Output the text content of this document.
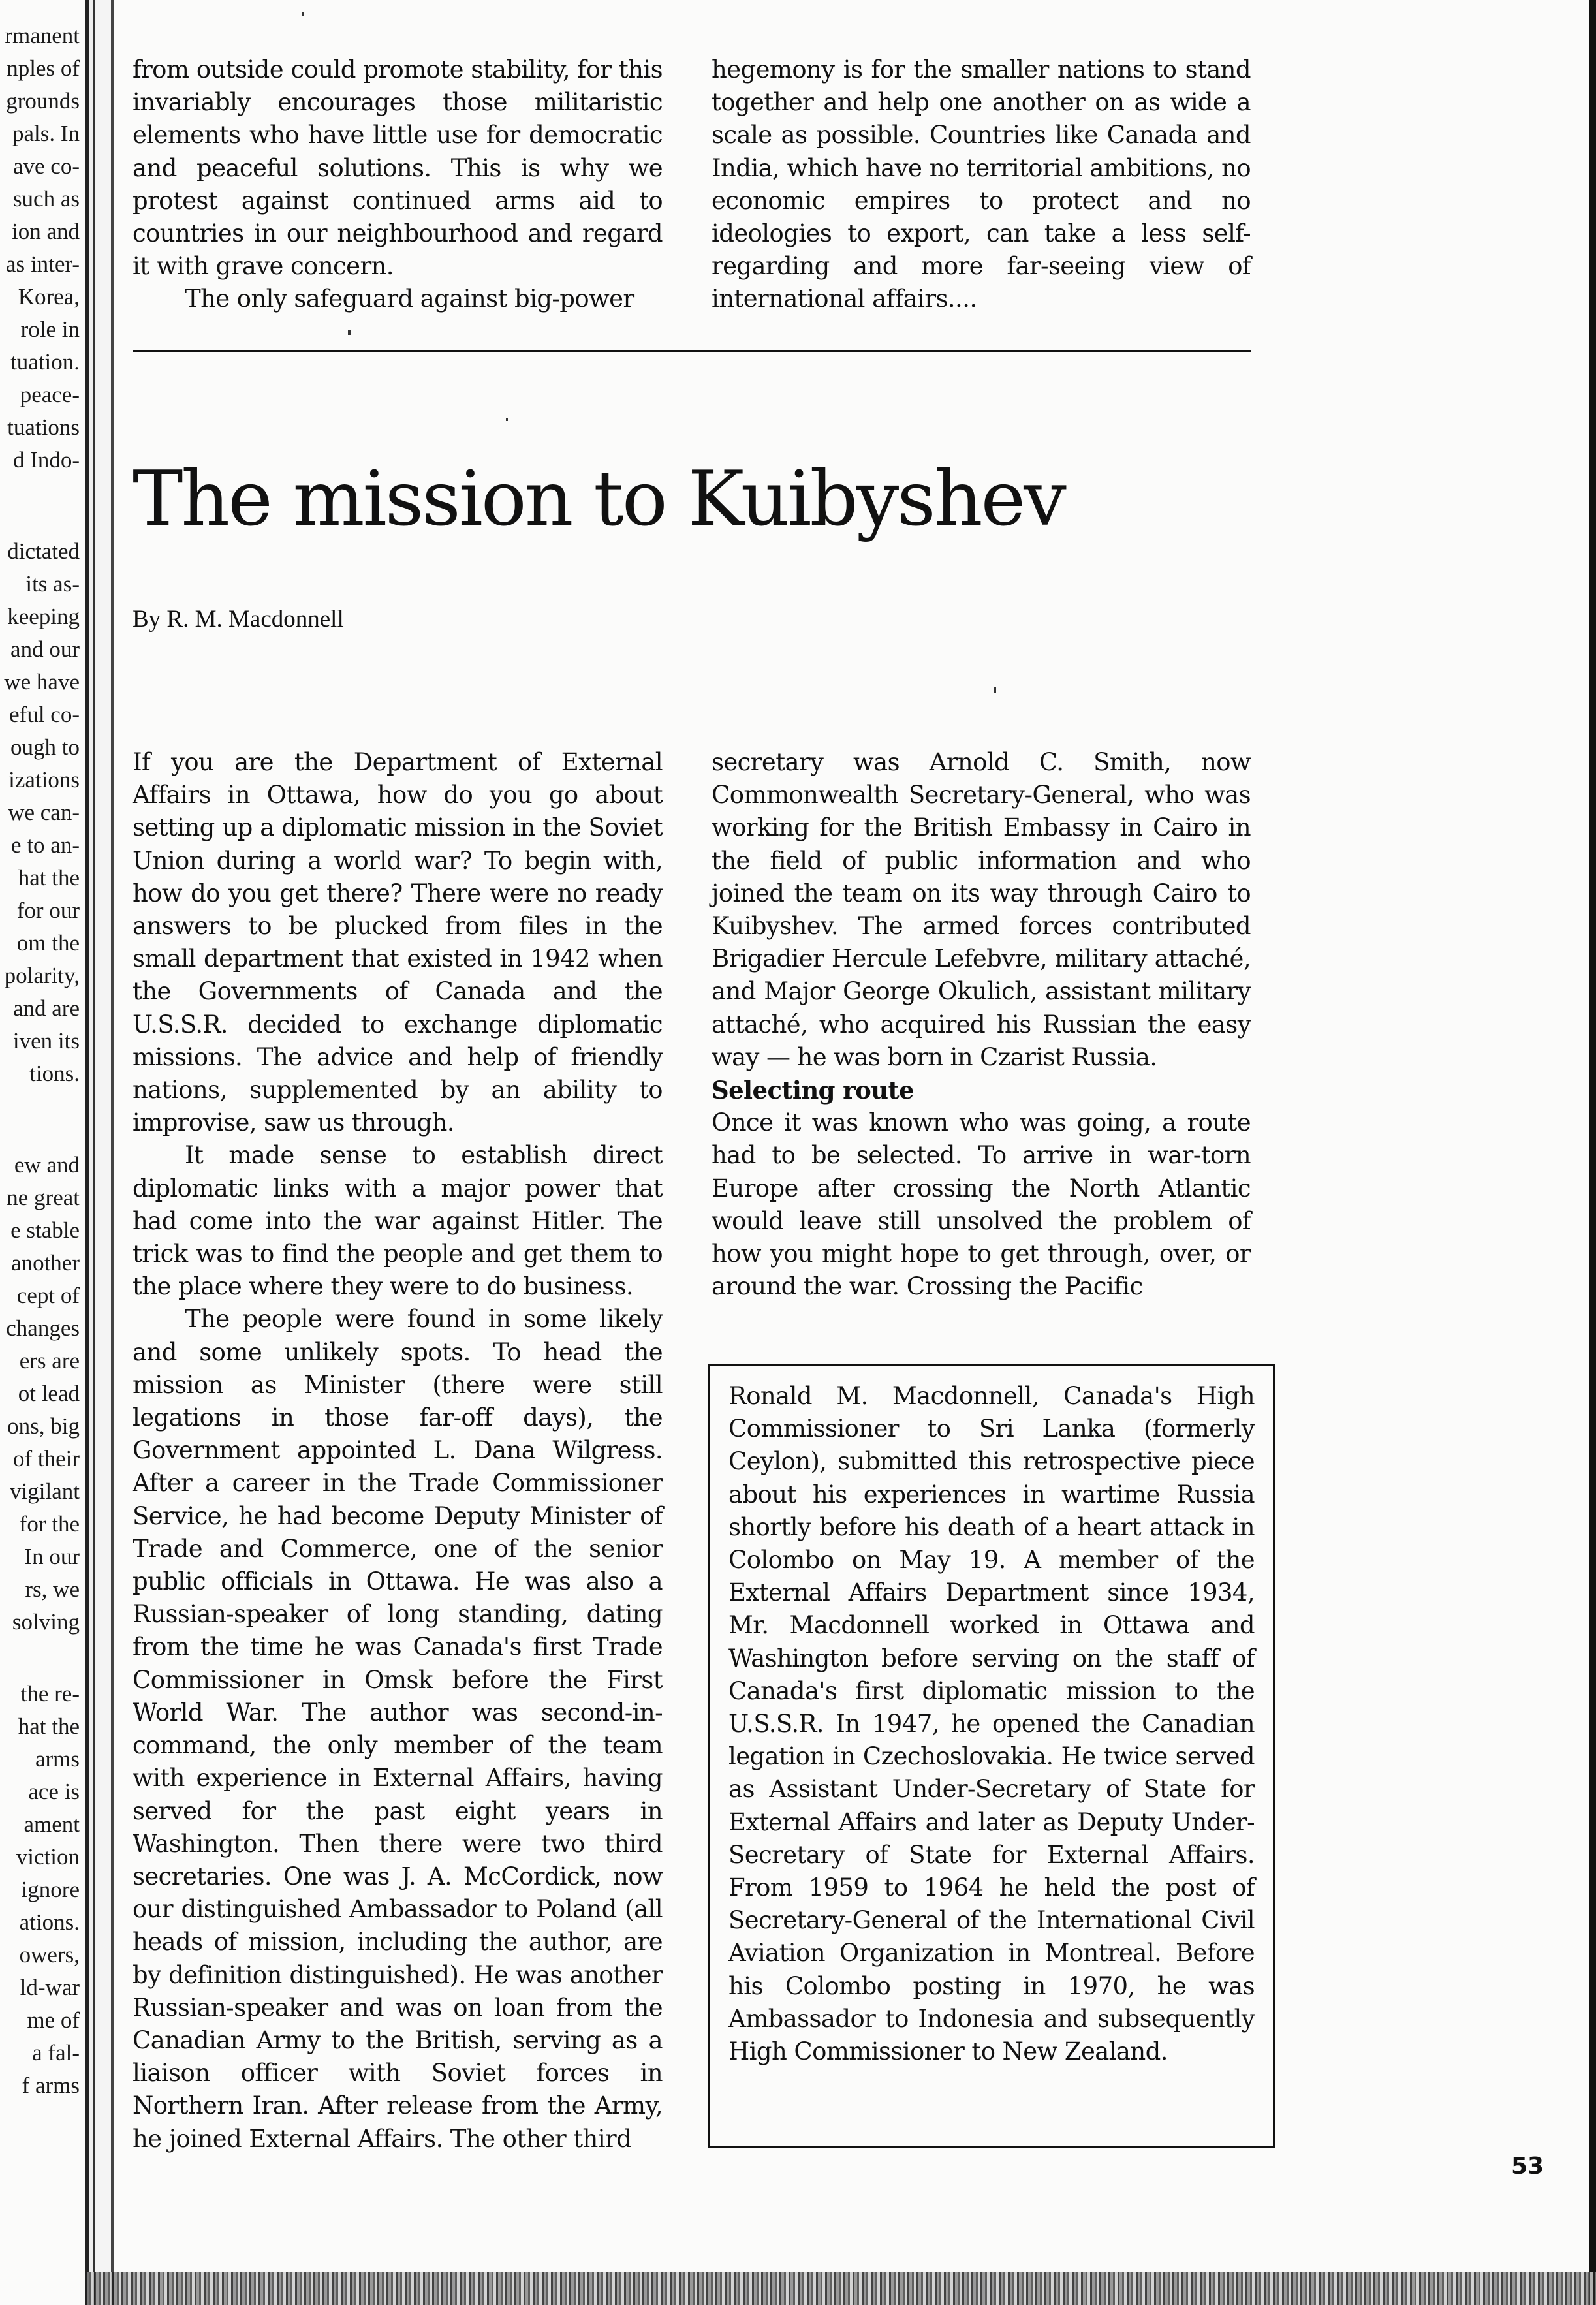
rmanent
nples of
grounds
pals. In
ave co-
such as
ion and
as inter-
Korea,
role in
tuation.
peace-
tuations
d Indo-
dictated
its as-
keeping
and our
we have
eful co-
ough to
izations
we can-
e to an-
hat the
for our
om the
polarity,
and are
iven its
tions.
ew and
ne great
e stable
another
cept of
changes
ers are
ot lead
ons, big
of their
vigilant
for the
In our
rs, we
solving
the re-
hat the
arms
ace is
ament
viction
ignore
ations.
owers,
ld-war
me of
a fal-
f arms

from outside could promote stability, for this invariably encourages those militaristic elements who have little use for democratic and peaceful solutions. This is why we protest against continued arms aid to countries in our neighbourhood and regard it with grave concern.

The only safeguard against big-power

hegemony is for the smaller nations to stand together and help one another on as wide a scale as possible. Countries like Canada and India, which have no territorial ambitions, no economic empires to protect and no ideologies to export, can take a less self-regarding and more far-seeing view of international affairs....

The mission to Kuibyshev
By R. M. Macdonnell

If you are the Department of External Affairs in Ottawa, how do you go about setting up a diplomatic mission in the Soviet Union during a world war? To begin with, how do you get there? There were no ready answers to be plucked from files in the small department that existed in 1942 when the Governments of Canada and the U.S.S.R. decided to exchange diplomatic missions. The advice and help of friendly nations, supplemented by an ability to improvise, saw us through.

It made sense to establish direct diplomatic links with a major power that had come into the war against Hitler. The trick was to find the people and get them to the place where they were to do business.

The people were found in some likely and some unlikely spots. To head the mission as Minister (there were still legations in those far-off days), the Government appointed L. Dana Wilgress. After a career in the Trade Commissioner Service, he had become Deputy Minister of Trade and Commerce, one of the senior public officials in Ottawa. He was also a Russian-speaker of long standing, dating from the time he was Canada's first Trade Commissioner in Omsk before the First World War. The author was second-in-command, the only member of the team with experience in External Affairs, having served for the past eight years in Washington. Then there were two third secretaries. One was J. A. McCordick, now our distinguished Ambassador to Poland (all heads of mission, including the author, are by definition distinguished). He was another Russian-speaker and was on loan from the Canadian Army to the British, serving as a liaison officer with Soviet forces in Northern Iran. After release from the Army, he joined External Affairs. The other third

secretary was Arnold C. Smith, now Commonwealth Secretary-General, who was working for the British Embassy in Cairo in the field of public information and who joined the team on its way through Cairo to Kuibyshev. The armed forces contributed Brigadier Hercule Lefebvre, military attaché, and Major George Okulich, assistant military attaché, who acquired his Russian the easy way — he was born in Czarist Russia.

Selecting route

Once it was known who was going, a route had to be selected. To arrive in war-torn Europe after crossing the North Atlantic would leave still unsolved the problem of how you might hope to get through, over, or around the war. Crossing the Pacific

Ronald M. Macdonnell, Canada's High Commissioner to Sri Lanka (formerly Ceylon), submitted this retrospective piece about his experiences in wartime Russia shortly before his death of a heart attack in Colombo on May 19. A member of the External Affairs Department since 1934, Mr. Macdonnell worked in Ottawa and Washington before serving on the staff of Canada's first diplomatic mission to the U.S.S.R. In 1947, he opened the Canadian legation in Czechoslovakia. He twice served as Assistant Under-Secretary of State for External Affairs and later as Deputy Under-Secretary of State for External Affairs. From 1959 to 1964 he held the post of Secretary-General of the International Civil Aviation Organization in Montreal. Before his Colombo posting in 1970, he was Ambassador to Indonesia and subsequently High Commissioner to New Zealand.
53
